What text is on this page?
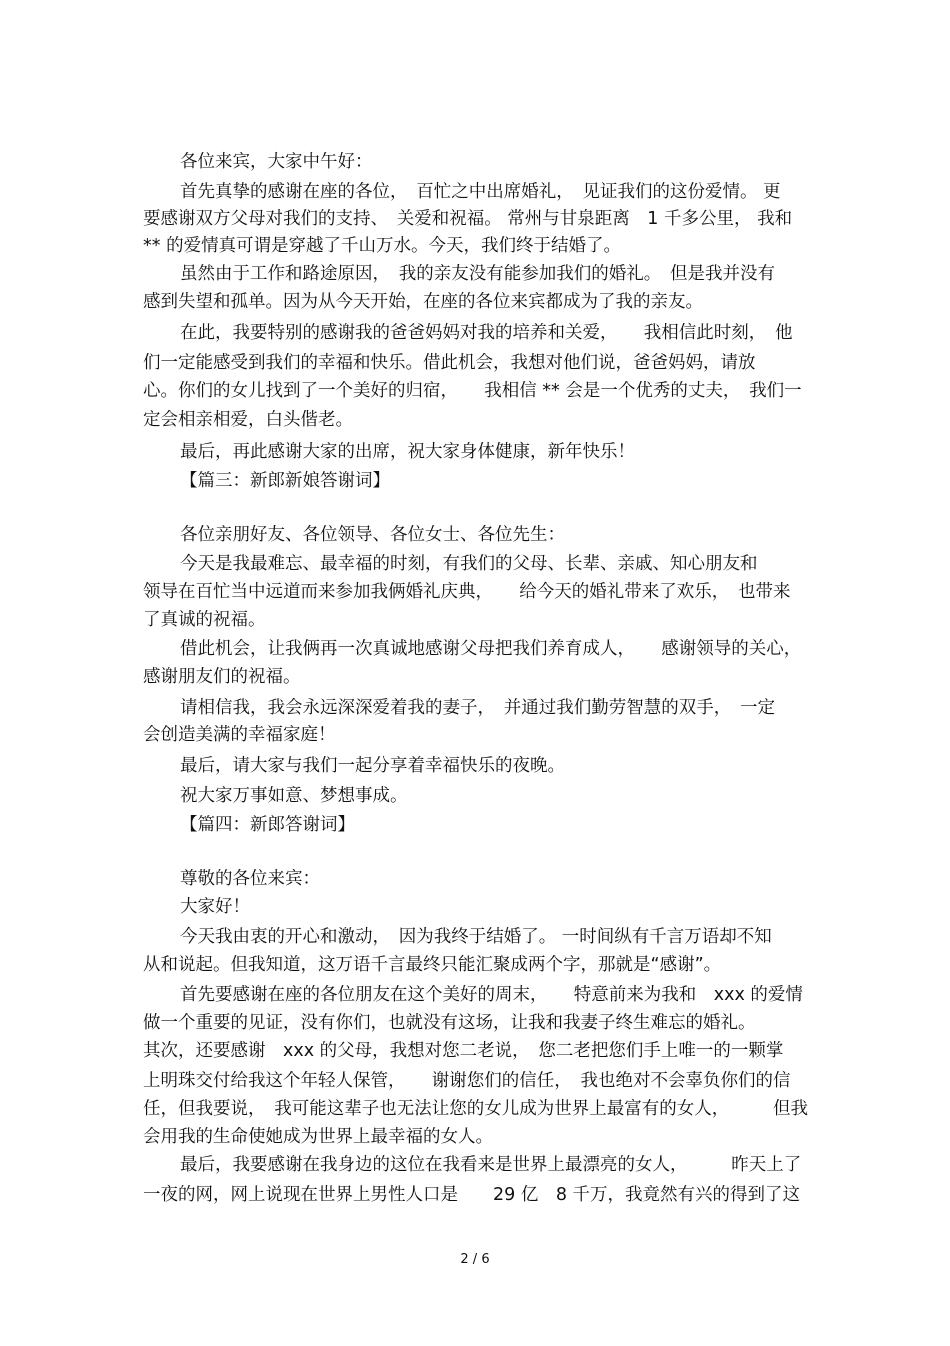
各位来宾，大家中午好：
首先真挚的感谢在座的各位，　百忙之中出席婚礼，　见证我们的这份爱情。 更
要感谢双方父母对我们的支持、　关爱和祝福。 常州与甘泉距离　1 千多公里， 我和
** 的爱情真可谓是穿越了千山万水。今天，我们终于结婚了。
虽然由于工作和路途原因，　我的亲友没有能参加我们的婚礼。　但是我并没有
感到失望和孤单。因为从今天开始，在座的各位来宾都成为了我的亲友。
在此，我要特别的感谢我的爸爸妈妈对我的培养和关爱，　　我相信此时刻，　他
们一定能感受到我们的幸福和快乐。借此机会，我想对他们说，爸爸妈妈，请放
心。你们的女儿找到了一个美好的归宿，　　我相信 ** 会是一个优秀的丈夫，　我们一
定会相亲相爱，白头偕老。
最后，再此感谢大家的出席，祝大家身体健康，新年快乐！
【篇三：新郎新娘答谢词】
各位亲朋好友、各位领导、各位女士、各位先生：
今天是我最难忘、最幸福的时刻，有我们的父母、长辈、亲戚、知心朋友和
领导在百忙当中远道而来参加我俩婚礼庆典，　　给今天的婚礼带来了欢乐，　也带来
了真诚的祝福。
借此机会，让我俩再一次真诚地感谢父母把我们养育成人，　　感谢领导的关心，
感谢朋友们的祝福。
请相信我，我会永远深深爱着我的妻子，　并通过我们勤劳智慧的双手，　一定
会创造美满的幸福家庭！
最后，请大家与我们一起分享着幸福快乐的夜晚。
祝大家万事如意、梦想事成。
【篇四：新郎答谢词】
尊敬的各位来宾：
大家好！
今天我由衷的开心和激动，　因为我终于结婚了。 一时间纵有千言万语却不知
从和说起。但我知道，这万语千言最终只能汇聚成两个字，那就是“感谢”。
首先要感谢在座的各位朋友在这个美好的周末，　　特意前来为我和　xxx 的爱情
做一个重要的见证，没有你们，也就没有这场，让我和我妻子终生难忘的婚礼。
其次，还要感谢　xxx 的父母，我想对您二老说，　您二老把您们手上唯一的一颗掌
上明珠交付给我这个年轻人保管，　　谢谢您们的信任，　我也绝对不会辜负你们的信
任，但我要说，　我可能这辈子也无法让您的女儿成为世界上最富有的女人，　　　但我
会用我的生命使她成为世界上最幸福的女人。
最后，我要感谢在我身边的这位在我看来是世界上最漂亮的女人，　　　昨天上了
一夜的网，网上说现在世界上男性人口是　　29 亿　8 千万，我竟然有兴的得到了这
2 / 6
